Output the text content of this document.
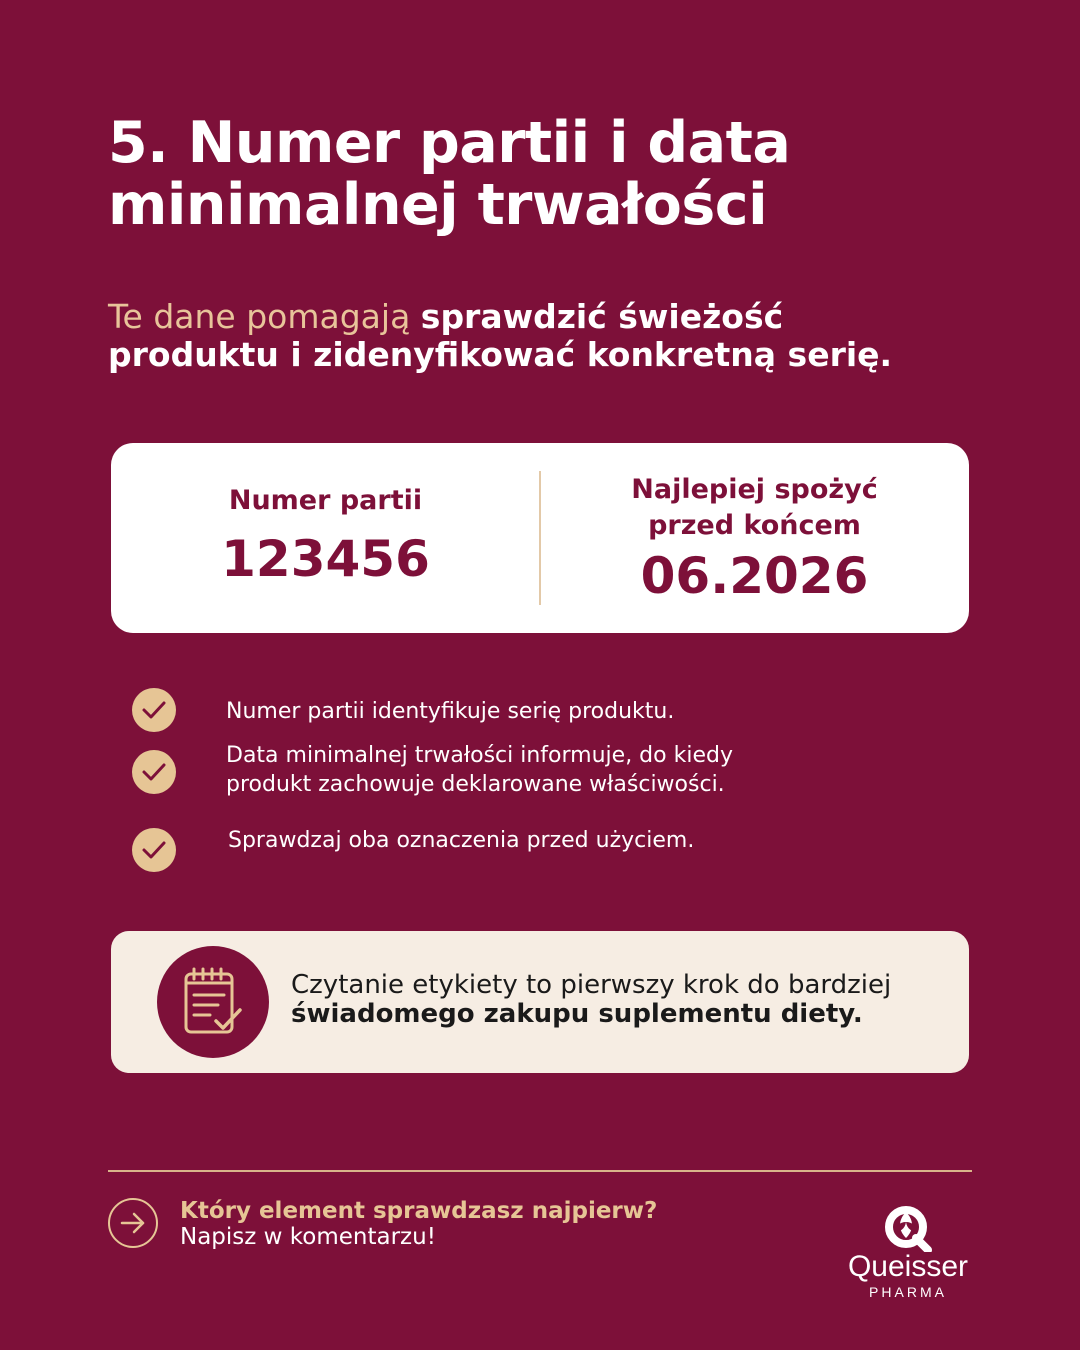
5. Numer partii i data
minimalnej trwałości

Te dane pomagają sprawdzić świeżość
produktu i zidenyfikować konkretną serię.

Numer partii
123456
Najlepiej spożyć
przed końcem
06.2026
Numer partii identyfikuje serię produktu.
Data minimalnej trwałości informuje, do kiedy
produkt zachowuje deklarowane właściwości.
Sprawdzaj oba oznaczenia przed użyciem.
Czytanie etykiety to pierwszy krok do bardziej
świadomego zakupu suplementu diety.
Który element sprawdzasz najpierw?
Napisz w komentarzu!
Queisser
PHARMA
